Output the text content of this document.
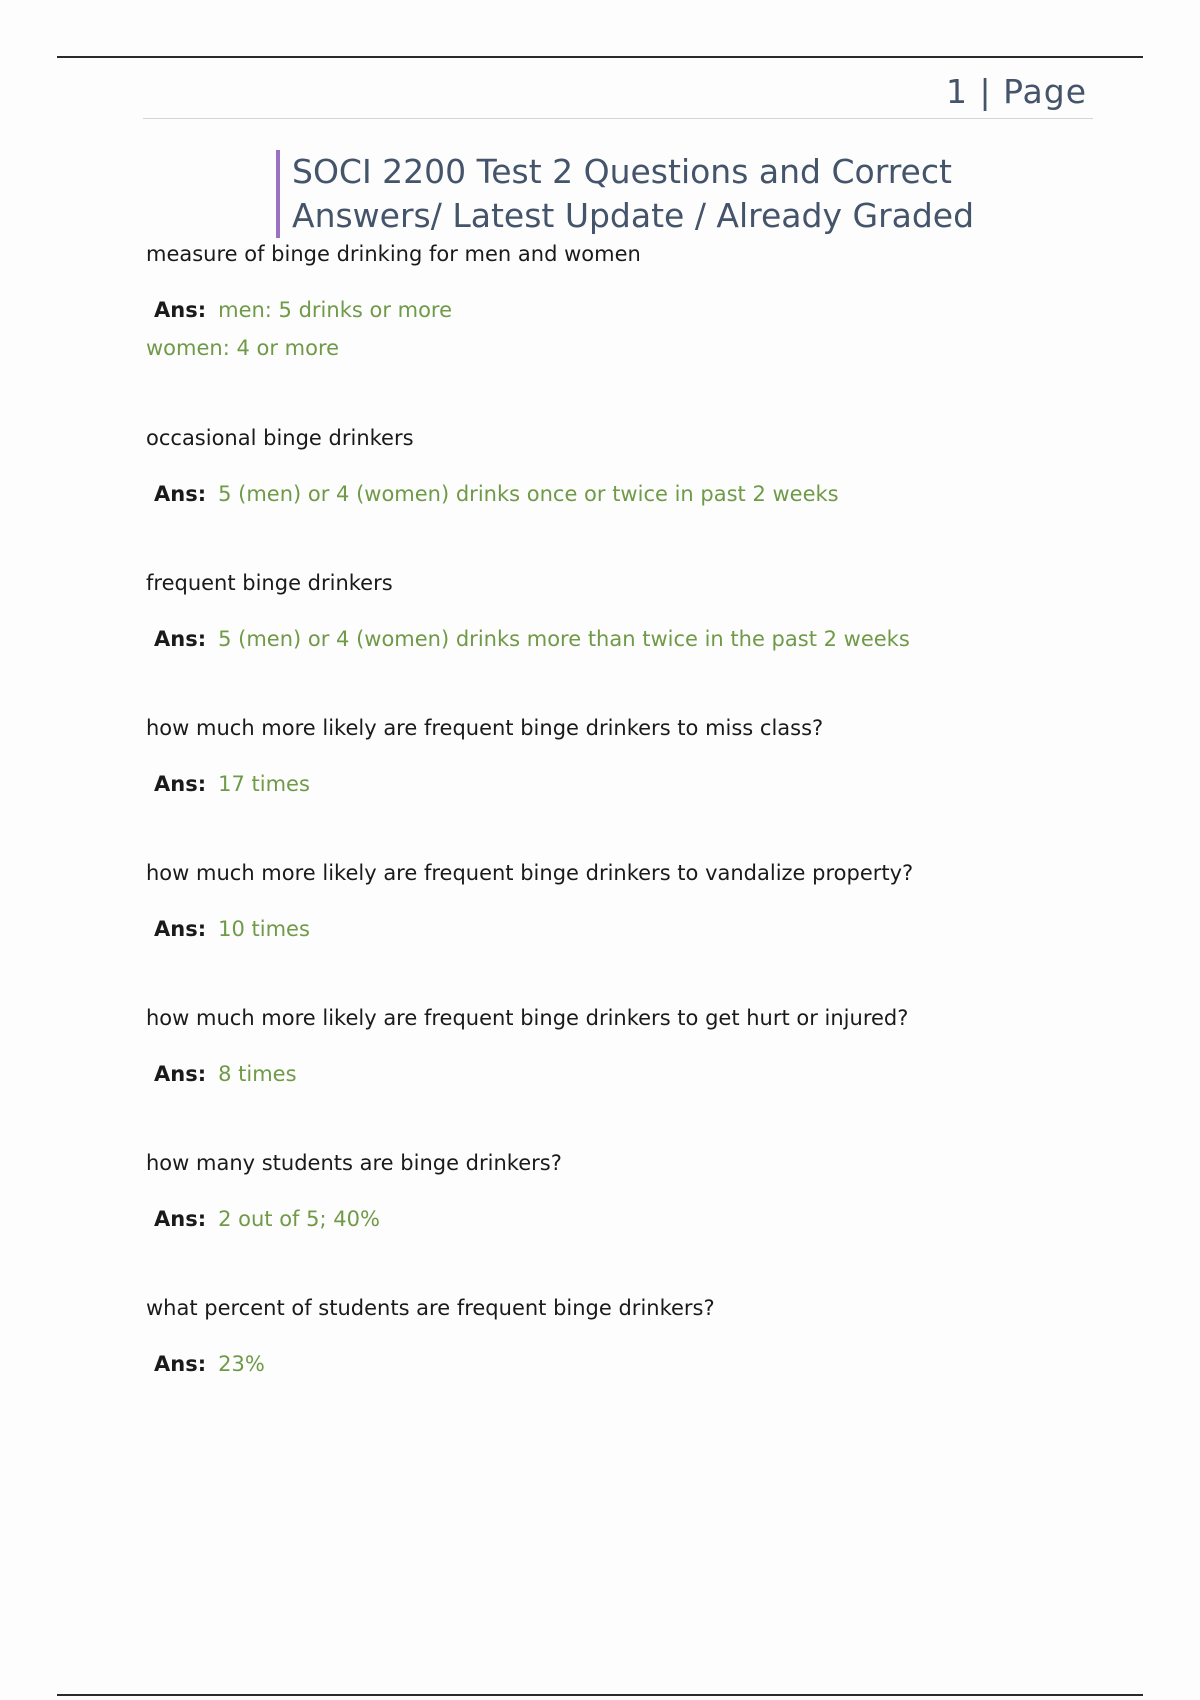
1 | Page
SOCI 2200 Test 2 Questions and Correct
Answers/ Latest Update / Already Graded
measure of binge drinking for men and women
Ans: men: 5 drinks or more
women: 4 or more
occasional binge drinkers
Ans: 5 (men) or 4 (women) drinks once or twice in past 2 weeks
frequent binge drinkers
Ans: 5 (men) or 4 (women) drinks more than twice in the past 2 weeks
how much more likely are frequent binge drinkers to miss class?
Ans: 17 times
how much more likely are frequent binge drinkers to vandalize property?
Ans: 10 times
how much more likely are frequent binge drinkers to get hurt or injured?
Ans: 8 times
how many students are binge drinkers?
Ans: 2 out of 5; 40%
what percent of students are frequent binge drinkers?
Ans: 23%
